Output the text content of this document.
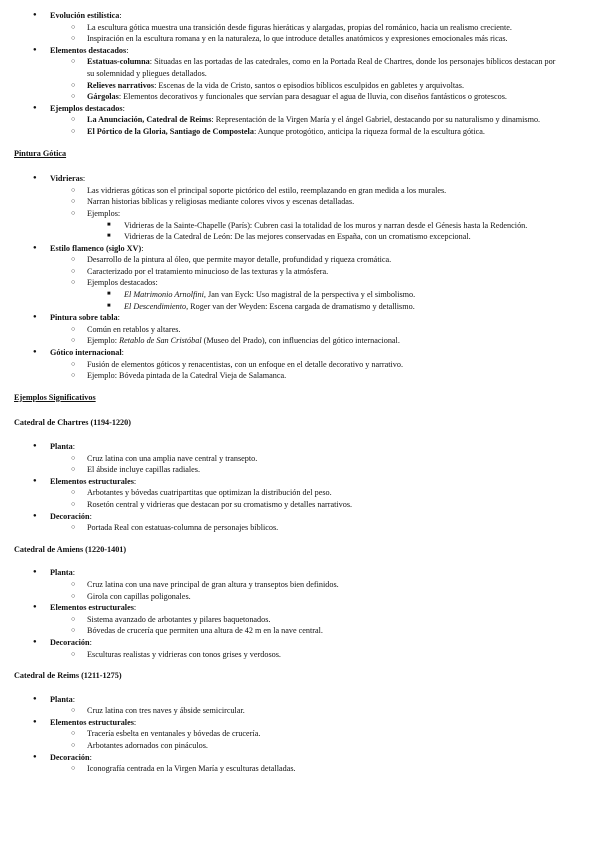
● Evolución estilística:
○ La escultura gótica muestra una transición desde figuras hieráticas y alargadas, propias del románico, hacia un realismo creciente.
○ Inspiración en la escultura romana y en la naturaleza, lo que introduce detalles anatómicos y expresiones emocionales más ricas.
● Elementos destacados:
○ Estatuas-columna: Situadas en las portadas de las catedrales, como en la Portada Real de Chartres, donde los personajes bíblicos destacan por su solemnidad y pliegues detallados.
○ Relieves narrativos: Escenas de la vida de Cristo, santos o episodios bíblicos esculpidos en gabletes y arquivoltas.
○ Gárgolas: Elementos decorativos y funcionales que servían para desaguar el agua de lluvia, con diseños fantásticos o grotescos.
● Ejemplos destacados:
○ La Anunciación, Catedral de Reims: Representación de la Virgen María y el ángel Gabriel, destacando por su naturalismo y dinamismo.
○ El Pórtico de la Gloria, Santiago de Compostela: Aunque protogótico, anticipa la riqueza formal de la escultura gótica.
Pintura Gótica
● Vidrieras:
○ Las vidrieras góticas son el principal soporte pictórico del estilo, reemplazando en gran medida a los murales.
○ Narran historias bíblicas y religiosas mediante colores vivos y escenas detalladas.
○ Ejemplos:
■ Vidrieras de la Sainte-Chapelle (París): Cubren casi la totalidad de los muros y narran desde el Génesis hasta la Redención.
■ Vidrieras de la Catedral de León: De las mejores conservadas en España, con un cromatismo excepcional.
● Estilo flamenco (siglo XV):
○ Desarrollo de la pintura al óleo, que permite mayor detalle, profundidad y riqueza cromática.
○ Caracterizado por el tratamiento minucioso de las texturas y la atmósfera.
○ Ejemplos destacados:
■ El Matrimonio Arnolfini, Jan van Eyck: Uso magistral de la perspectiva y el simbolismo.
■ El Descendimiento, Roger van der Weyden: Escena cargada de dramatismo y detallismo.
● Pintura sobre tabla:
○ Común en retablos y altares.
○ Ejemplo: Retablo de San Cristóbal (Museo del Prado), con influencias del gótico internacional.
● Gótico internacional:
○ Fusión de elementos góticos y renacentistas, con un enfoque en el detalle decorativo y narrativo.
○ Ejemplo: Bóveda pintada de la Catedral Vieja de Salamanca.
Ejemplos Significativos
Catedral de Chartres (1194-1220)
● Planta:
○ Cruz latina con una amplia nave central y transepto.
○ El ábside incluye capillas radiales.
● Elementos estructurales:
○ Arbotantes y bóvedas cuatripartitas que optimizan la distribución del peso.
○ Rosetón central y vidrieras que destacan por su cromatismo y detalles narrativos.
● Decoración:
○ Portada Real con estatuas-columna de personajes bíblicos.
Catedral de Amiens (1220-1401)
● Planta:
○ Cruz latina con una nave principal de gran altura y transeptos bien definidos.
○ Girola con capillas poligonales.
● Elementos estructurales:
○ Sistema avanzado de arbotantes y pilares baquetonados.
○ Bóvedas de crucería que permiten una altura de 42 m en la nave central.
● Decoración:
○ Esculturas realistas y vidrieras con tonos grises y verdosos.
Catedral de Reims (1211-1275)
● Planta:
○ Cruz latina con tres naves y ábside semicircular.
● Elementos estructurales:
○ Tracería esbelta en ventanales y bóvedas de crucería.
○ Arbotantes adornados con pináculos.
● Decoración:
○ Iconografía centrada en la Virgen María y esculturas detalladas.
